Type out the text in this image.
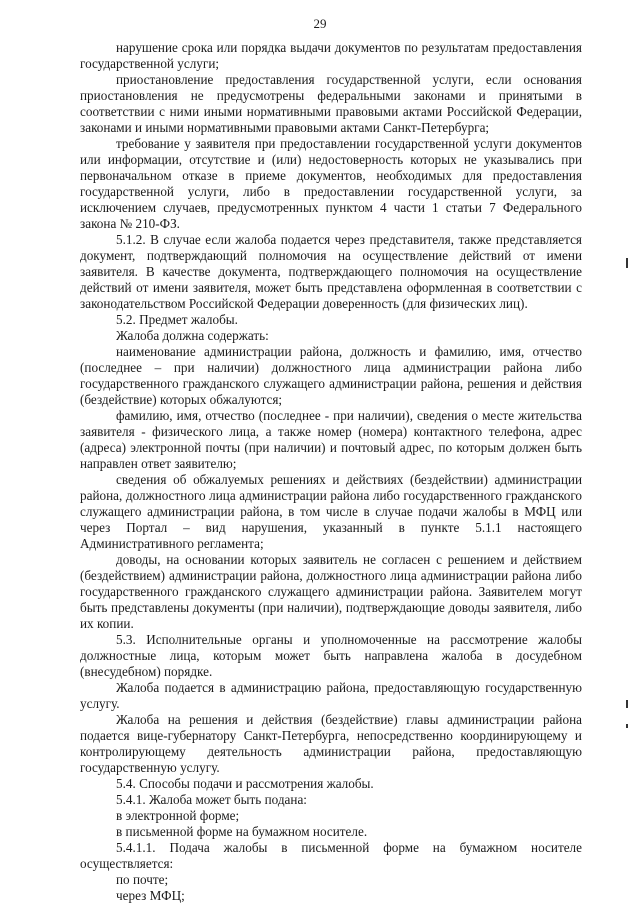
29

нарушение срока или порядка выдачи документов по результатам предоставления государственной услуги;

приостановление предоставления государственной услуги, если основания приостановления не предусмотрены федеральными законами и принятыми в соответствии с ними иными нормативными правовыми актами Российской Федерации, законами и иными нормативными правовыми актами Санкт-Петербурга;

требование у заявителя при предоставлении государственной услуги документов или информации, отсутствие и (или) недостоверность которых не указывались при первоначальном отказе в приеме документов, необходимых для предоставления государственной услуги, либо в предоставлении государственной услуги, за исключением случаев, предусмотренных пунктом 4 части 1 статьи 7 Федерального закона № 210-ФЗ.

5.1.2. В случае если жалоба подается через представителя, также представляется документ, подтверждающий полномочия на осуществление действий от имени заявителя. В качестве документа, подтверждающего полномочия на осуществление действий от имени заявителя, может быть представлена оформленная в соответствии с законодательством Российской Федерации доверенность (для физических лиц).

5.2. Предмет жалобы.

Жалоба должна содержать:

наименование администрации района, должность и фамилию, имя, отчество (последнее – при наличии) должностного лица администрации района либо государственного гражданского служащего администрации района, решения и действия (бездействие) которых обжалуются;

фамилию, имя, отчество (последнее - при наличии), сведения о месте жительства заявителя - физического лица, а также номер (номера) контактного телефона, адрес (адреса) электронной почты (при наличии) и почтовый адрес, по которым должен быть направлен ответ заявителю;

сведения об обжалуемых решениях и действиях (бездействии) администрации района, должностного лица администрации района либо государственного гражданского служащего администрации района, в том числе в случае подачи жалобы в МФЦ или через Портал – вид нарушения, указанный в пункте 5.1.1 настоящего Административного регламента;

доводы, на основании которых заявитель не согласен с решением и действием (бездействием) администрации района, должностного лица администрации района либо государственного гражданского служащего администрации района. Заявителем могут быть представлены документы (при наличии), подтверждающие доводы заявителя, либо их копии.

5.3. Исполнительные органы и уполномоченные на рассмотрение жалобы должностные лица, которым может быть направлена жалоба в досудебном (внесудебном) порядке.

Жалоба подается в администрацию района, предоставляющую государственную услугу.

Жалоба на решения и действия (бездействие) главы администрации района подается вице-губернатору Санкт-Петербурга, непосредственно координирующему и контролирующему деятельность администрации района, предоставляющую государственную услугу.

5.4. Способы подачи и рассмотрения жалобы.

5.4.1. Жалоба может быть подана:

в электронной форме;

в письменной форме на бумажном носителе.

5.4.1.1. Подача жалобы в письменной форме на бумажном носителе осуществляется:

по почте;

через МФЦ;
